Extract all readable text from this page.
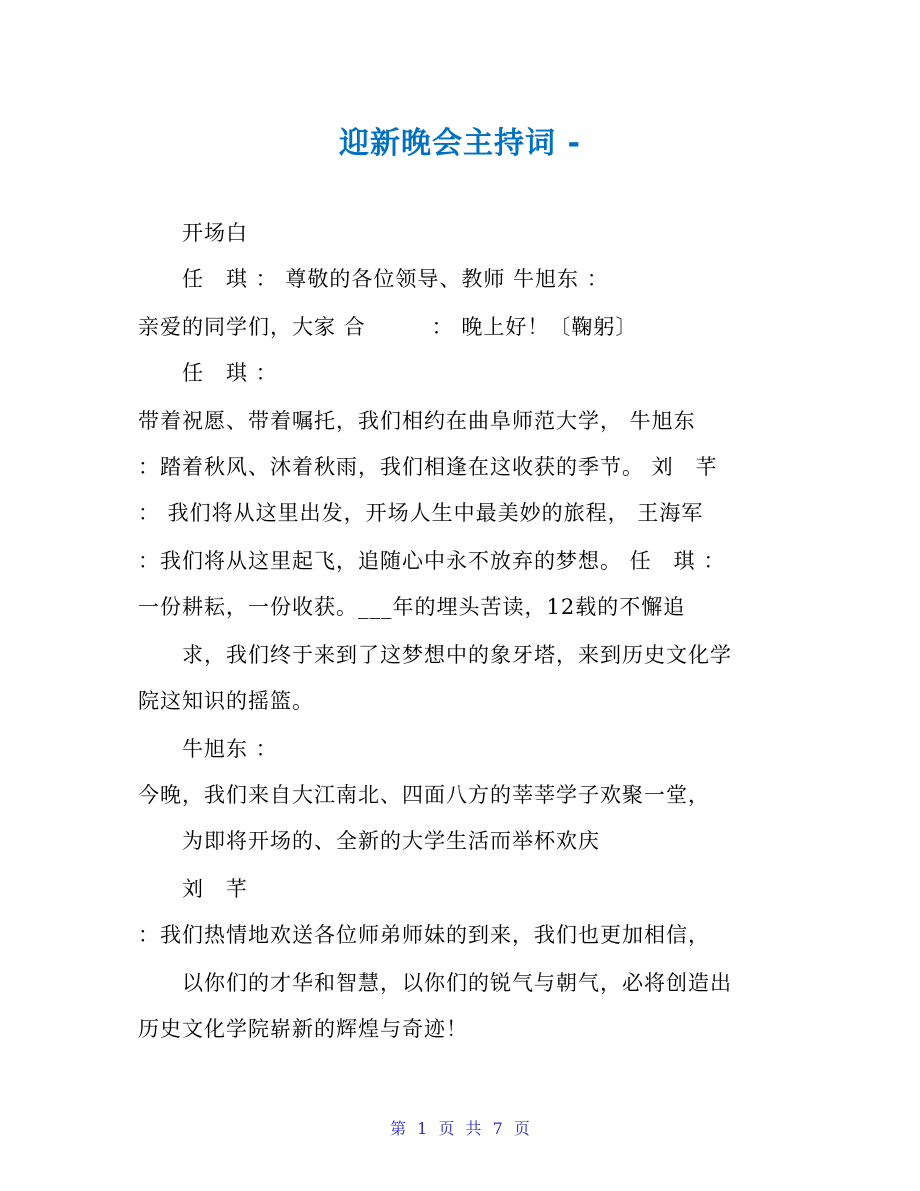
迎新晚会主持词 -
开场白
任　琪 ： 尊敬的各位领导、教师 牛旭东 ：
亲爱的同学们，大家 合　　　： 晚上好！〔鞠躬〕
任　琪 ：
带着祝愿、带着嘱托，我们相约在曲阜师范大学， 牛旭东
：踏着秋风、沐着秋雨，我们相逢在这收获的季节。 刘　芊
： 我们将从这里出发，开场人生中最美妙的旅程， 王海军
：我们将从这里起飞，追随心中永不放弃的梦想。 任　琪 ：
一份耕耘，一份收获。___年的埋头苦读，12载的不懈追
求，我们终于来到了这梦想中的象牙塔，来到历史文化学
院这知识的摇篮。
牛旭东 ：
今晚，我们来自大江南北、四面八方的莘莘学子欢聚一堂，
为即将开场的、全新的大学生活而举杯欢庆
刘　芊
：我们热情地欢送各位师弟师妹的到来，我们也更加相信，
以你们的才华和智慧，以你们的锐气与朝气，必将创造出
历史文化学院崭新的辉煌与奇迹！
第 1 页 共 7 页
